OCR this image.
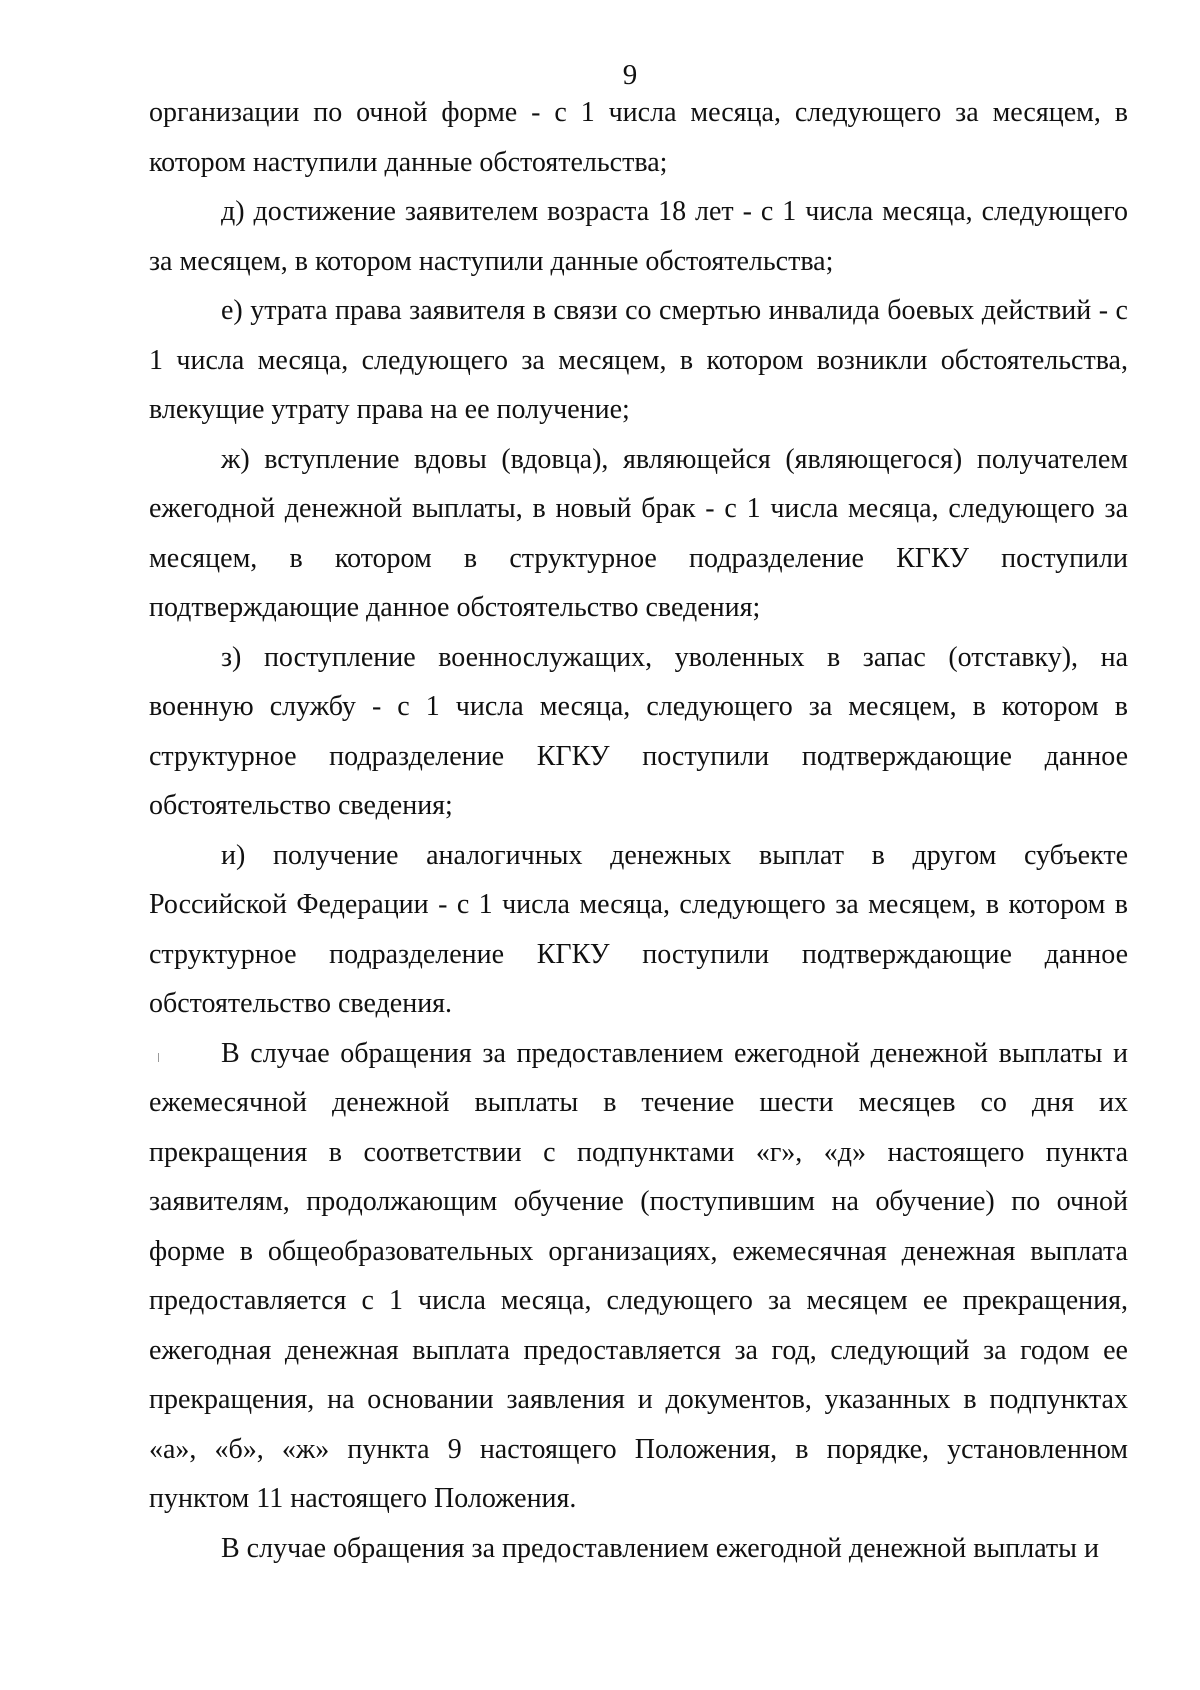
9

организации по очной форме - с 1 числа месяца, следующего за месяцем, в котором наступили данные обстоятельства;

д) достижение заявителем возраста 18 лет - с 1 числа месяца, следующего за месяцем, в котором наступили данные обстоятельства;

е) утрата права заявителя в связи со смертью инвалида боевых действий - с 1 числа месяца, следующего за месяцем, в котором возникли обстоятельства, влекущие утрату права на ее получение;

ж) вступление вдовы (вдовца), являющейся (являющегося) получателем ежегодной денежной выплаты, в новый брак - с 1 числа месяца, следующего за месяцем, в котором в структурное подразделение КГКУ поступили подтверждающие данное обстоятельство сведения;

з) поступление военнослужащих, уволенных в запас (отставку), на военную службу - с 1 числа месяца, следующего за месяцем, в котором в структурное подразделение КГКУ поступили подтверждающие данное обстоятельство сведения;

и) получение аналогичных денежных выплат в другом субъекте Российской Федерации - с 1 числа месяца, следующего за месяцем, в котором в структурное подразделение КГКУ поступили подтверждающие данное обстоятельство сведения.

В случае обращения за предоставлением ежегодной денежной выплаты и ежемесячной денежной выплаты в течение шести месяцев со дня их прекращения в соответствии с подпунктами «г», «д» настоящего пункта заявителям, продолжающим обучение (поступившим на обучение) по очной форме в общеобразовательных организациях, ежемесячная денежная выплата предоставляется с 1 числа месяца, следующего за месяцем ее прекращения, ежегодная денежная выплата предоставляется за год, следующий за годом ее прекращения, на основании заявления и документов, указанных в подпунктах «а», «б», «ж» пункта 9 настоящего Положения, в порядке, установленном пунктом 11 настоящего Положения.

В случае обращения за предоставлением ежегодной денежной выплаты и
